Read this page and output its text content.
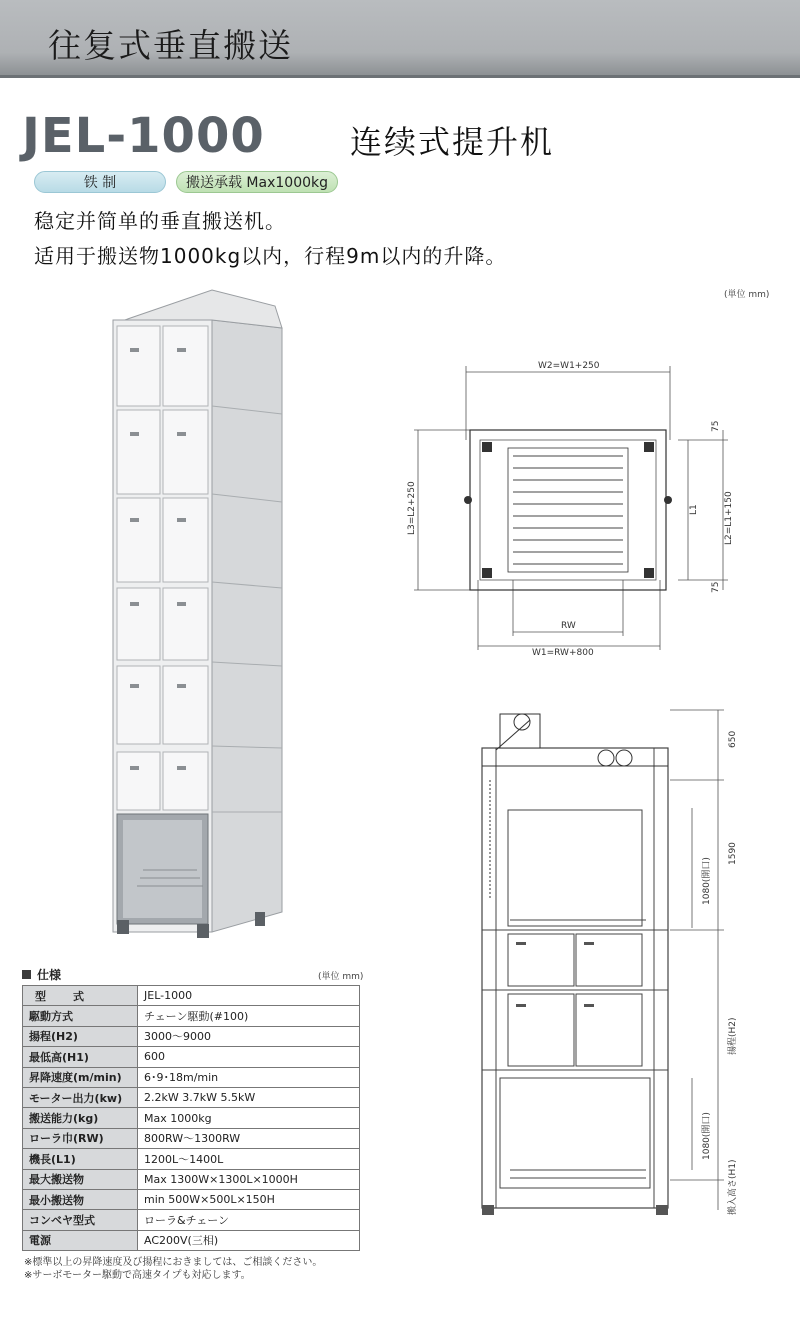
往复式垂直搬送
JEL-1000	连续式提升机
铁 制	搬送承载 Max1000kg
稳定并简单的垂直搬送机。
适用于搬送物1000kg以内，行程9m以内的升降。
(単位 mm)
W2=W1+250
RW
W1=RW+800
L3=L2+250	L1	L2=L1+150
75
75
650
1590
1080(開口)
揚程(H2)
1080(開口)
搬入高さ(H1)
仕様	(単位 mm)
型　式	JEL-1000
駆動方式	チェーン駆動(#100)
揚程(H2)	3000～9000
最低高(H1)	600
昇降速度(m/min)	6･9･18m/min
モーター出力(kw)	2.2kW 3.7kW 5.5kW
搬送能力(kg)	Max 1000kg
ローラ巾(RW)	800RW～1300RW
機長(L1)	1200L～1400L
最大搬送物	Max 1300W×1300L×1000H
最小搬送物	min 500W×500L×150H
コンベヤ型式	ローラ&チェーン
電源	AC200V(三相)
※標準以上の昇降速度及び揚程におきましては、ご相談ください。
※サーボモーター駆動で高速タイプも対応します。
